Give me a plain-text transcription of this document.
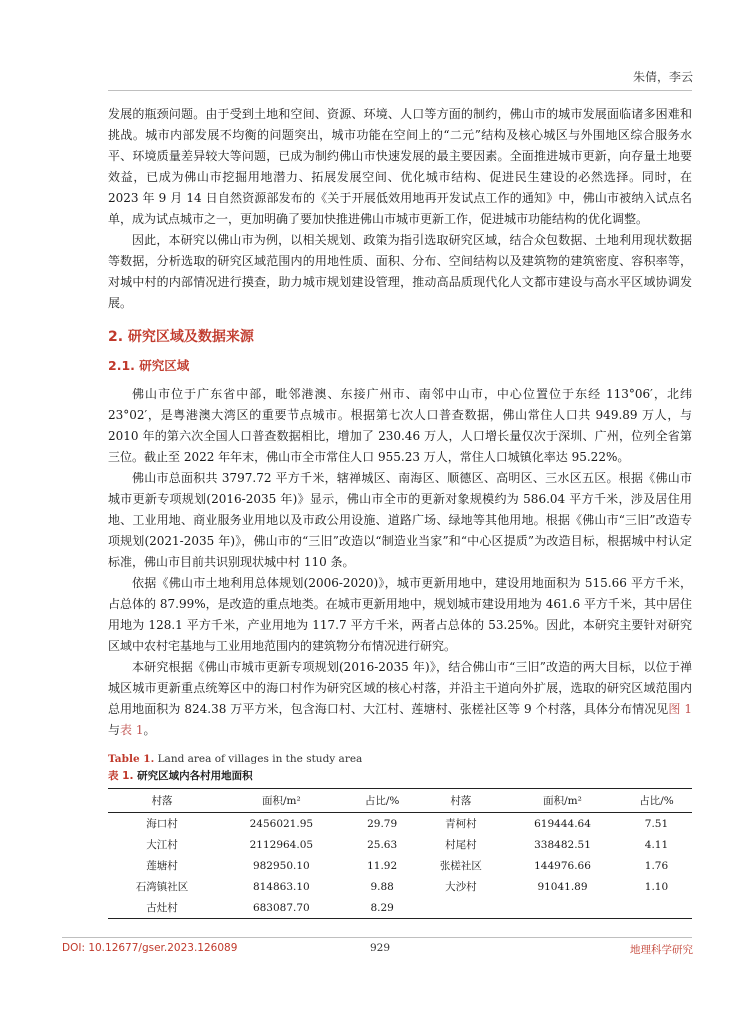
朱倩，李云

发展的瓶颈问题。由于受到土地和空间、资源、环境、人口等方面的制约，佛山市的城市发展面临诸多困难和挑战。城市内部发展不均衡的问题突出，城市功能在空间上的“二元”结构及核心城区与外围地区综合服务水平、环境质量差异较大等问题，已成为制约佛山市快速发展的最主要因素。全面推进城市更新，向存量土地要效益，已成为佛山市挖掘用地潜力、拓展发展空间、优化城市结构、促进民生建设的必然选择。同时，在 2023 年 9 月 14 日自然资源部发布的《关于开展低效用地再开发试点工作的通知》中，佛山市被纳入试点名单，成为试点城市之一，更加明确了要加快推进佛山市城市更新工作，促进城市功能结构的优化调整。

因此，本研究以佛山市为例，以相关规划、政策为指引选取研究区域，结合众包数据、土地利用现状数据等数据，分析选取的研究区域范围内的用地性质、面积、分布、空间结构以及建筑物的建筑密度、容积率等，对城中村的内部情况进行摸查，助力城市规划建设管理，推动高品质现代化人文都市建设与高水平区域协调发展。

2. 研究区域及数据来源
2.1. 研究区域

佛山市位于广东省中部，毗邻港澳、东接广州市、南邻中山市，中心位置位于东经 113°06′，北纬 23°02′，是粤港澳大湾区的重要节点城市。根据第七次人口普查数据，佛山常住人口共 949.89 万人，与 2010 年的第六次全国人口普查数据相比，增加了 230.46 万人，人口增长量仅次于深圳、广州，位列全省第三位。截止至 2022 年年末，佛山市全市常住人口 955.23 万人，常住人口城镇化率达 95.22%。

佛山市总面积共 3797.72 平方千米，辖禅城区、南海区、顺德区、高明区、三水区五区。根据《佛山市城市更新专项规划(2016-2035 年)》显示，佛山市全市的更新对象规模约为 586.04 平方千米，涉及居住用地、工业用地、商业服务业用地以及市政公用设施、道路广场、绿地等其他用地。根据《佛山市“三旧”改造专项规划(2021-2035 年)》，佛山市的“三旧”改造以“制造业当家”和“中心区提质”为改造目标，根据城中村认定标准，佛山市目前共识别现状城中村 110 条。

依据《佛山市土地利用总体规划(2006-2020)》，城市更新用地中，建设用地面积为 515.66 平方千米，占总体的 87.99%，是改造的重点地类。在城市更新用地中，规划城市建设用地为 461.6 平方千米，其中居住用地为 128.1 平方千米，产业用地为 117.7 平方千米，两者占总体的 53.25%。因此，本研究主要针对研究区域中农村宅基地与工业用地范围内的建筑物分布情况进行研究。

本研究根据《佛山市城市更新专项规划(2016-2035 年)》，结合佛山市“三旧”改造的两大目标，以位于禅城区城市更新重点统筹区中的海口村作为研究区域的核心村落，并沿主干道向外扩展，选取的研究区域范围内总用地面积为 824.38 万平方米，包含海口村、大江村、莲塘村、张槎社区等 9 个村落，具体分布情况见图 1与表 1。

Table 1. Land area of villages in the study area
表 1. 研究区域内各村用地面积
村落	面积/m²	占比/%	村落	面积/m²	占比/%
海口村	2456021.95	29.79	青柯村	619444.64	7.51
大江村	2112964.05	25.63	村尾村	338482.51	4.11
莲塘村	982950.10	11.92	张槎社区	144976.66	1.76
石湾镇社区	814863.10	9.88	大沙村	91041.89	1.10
古灶村	683087.70	8.29			
DOI: 10.12677/gser.2023.126089	929	地理科学研究
